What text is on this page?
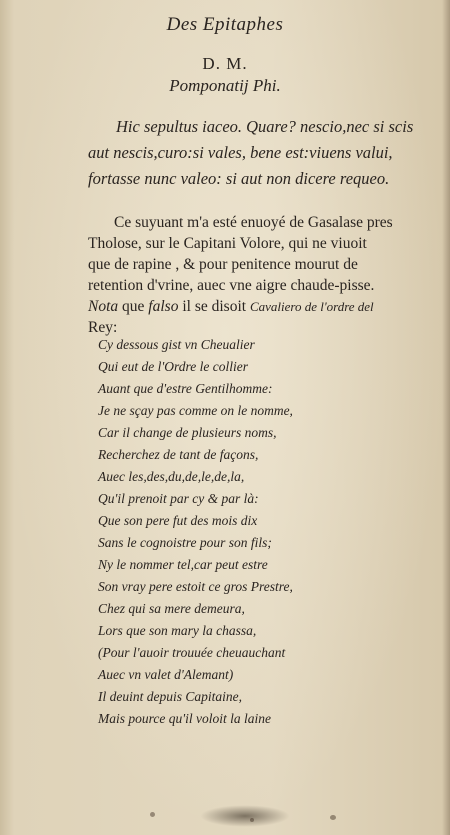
Des Epitaphes
D. M.
Pomponatij Phi.
Hic sepultus iaceo. Quare? nescio,nec si scis
aut nescis,curo:si vales, bene est:viuens valui,
fortasse nunc valeo: si aut non dicere requeo.
Ce suyuant m'a esté enuoyé de Gasalase pres
Tholose, sur le Capitani Volore, qui ne viuoit
que de rapine , & pour penitence mourut de
retention d'vrine, auec vne aigre chaude-pisse.
Nota que falso il se disoit Cavaliero de l'ordre del
Rey:
Cy dessous gist vn Cheualier
Qui eut de l'Ordre le collier
Auant que d'estre Gentilhomme:
Je ne sçay pas comme on le nomme,
Car il change de plusieurs noms,
Recherchez de tant de façons,
Auec les,des,du,de,le,de,la,
Qu'il prenoit par cy & par là:
Que son pere fut des mois dix
Sans le cognoistre pour son fils;
Ny le nommer tel,car peut estre
Son vray pere estoit ce gros Prestre,
Chez qui sa mere demeura,
Lors que son mary la chassa,
(Pour l'auoir trouuée cheuauchant
Auec vn valet d'Alemant)
Il deuint depuis Capitaine,
Mais pource qu'il voloit la laine
